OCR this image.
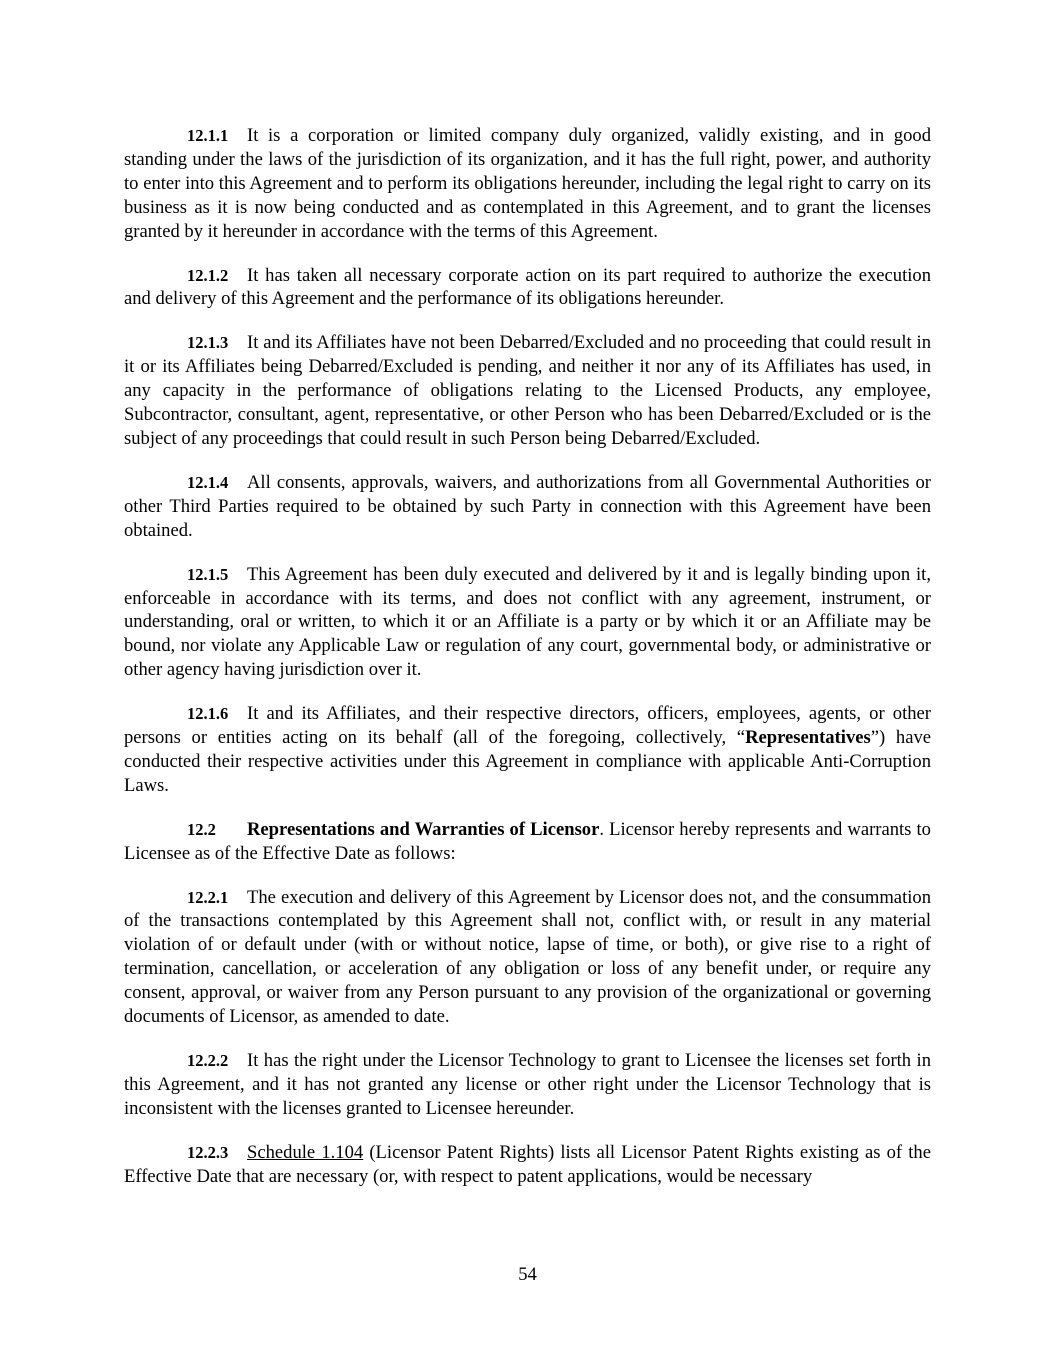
12.1.1 It is a corporation or limited company duly organized, validly existing, and in good standing under the laws of the jurisdiction of its organization, and it has the full right, power, and authority to enter into this Agreement and to perform its obligations hereunder, including the legal right to carry on its business as it is now being conducted and as contemplated in this Agreement, and to grant the licenses granted by it hereunder in accordance with the terms of this Agreement.

12.1.2 It has taken all necessary corporate action on its part required to authorize the execution and delivery of this Agreement and the performance of its obligations hereunder.

12.1.3 It and its Affiliates have not been Debarred/Excluded and no proceeding that could result in it or its Affiliates being Debarred/Excluded is pending, and neither it nor any of its Affiliates has used, in any capacity in the performance of obligations relating to the Licensed Products, any employee, Subcontractor, consultant, agent, representative, or other Person who has been Debarred/Excluded or is the subject of any proceedings that could result in such Person being Debarred/Excluded.

12.1.4 All consents, approvals, waivers, and authorizations from all Governmental Authorities or other Third Parties required to be obtained by such Party in connection with this Agreement have been obtained.

12.1.5 This Agreement has been duly executed and delivered by it and is legally binding upon it, enforceable in accordance with its terms, and does not conflict with any agreement, instrument, or understanding, oral or written, to which it or an Affiliate is a party or by which it or an Affiliate may be bound, nor violate any Applicable Law or regulation of any court, governmental body, or administrative or other agency having jurisdiction over it.

12.1.6 It and its Affiliates, and their respective directors, officers, employees, agents, or other persons or entities acting on its behalf (all of the foregoing, collectively, “Representatives”) have conducted their respective activities under this Agreement in compliance with applicable Anti-Corruption Laws.

12.2 Representations and Warranties of Licensor. Licensor hereby represents and warrants to Licensee as of the Effective Date as follows:

12.2.1 The execution and delivery of this Agreement by Licensor does not, and the consummation of the transactions contemplated by this Agreement shall not, conflict with, or result in any material violation of or default under (with or without notice, lapse of time, or both), or give rise to a right of termination, cancellation, or acceleration of any obligation or loss of any benefit under, or require any consent, approval, or waiver from any Person pursuant to any provision of the organizational or governing documents of Licensor, as amended to date.

12.2.2 It has the right under the Licensor Technology to grant to Licensee the licenses set forth in this Agreement, and it has not granted any license or other right under the Licensor Technology that is inconsistent with the licenses granted to Licensee hereunder.

12.2.3 Schedule 1.104 (Licensor Patent Rights) lists all Licensor Patent Rights existing as of the Effective Date that are necessary (or, with respect to patent applications, would be necessary

54
